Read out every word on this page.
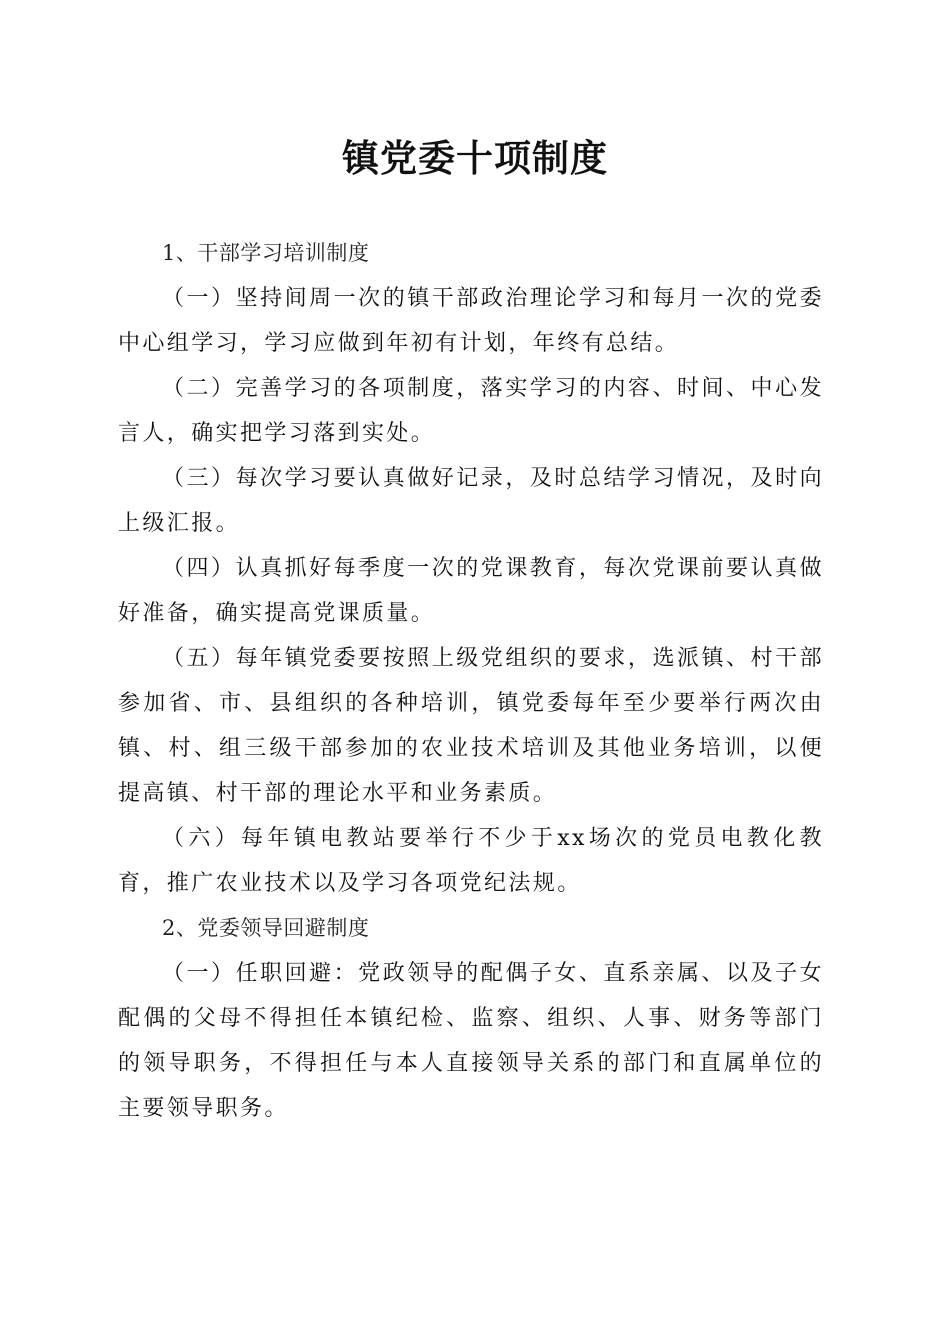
镇党委十项制度
1、干部学习培训制度
（一）坚持间周一次的镇干部政治理论学习和每月一次的党委中心组学习，学习应做到年初有计划，年终有总结。
（二）完善学习的各项制度，落实学习的内容、时间、中心发言人，确实把学习落到实处。
（三）每次学习要认真做好记录，及时总结学习情况，及时向上级汇报。
（四）认真抓好每季度一次的党课教育，每次党课前要认真做好准备，确实提高党课质量。
（五）每年镇党委要按照上级党组织的要求，选派镇、村干部参加省、市、县组织的各种培训，镇党委每年至少要举行两次由镇、村、组三级干部参加的农业技术培训及其他业务培训，以便提高镇、村干部的理论水平和业务素质。
（六）每年镇电教站要举行不少于xx场次的党员电教化教育，推广农业技术以及学习各项党纪法规。
2、党委领导回避制度
（一）任职回避：党政领导的配偶子女、直系亲属、以及子女配偶的父母不得担任本镇纪检、监察、组织、人事、财务等部门的领导职务，不得担任与本人直接领导关系的部门和直属单位的主要领导职务。
